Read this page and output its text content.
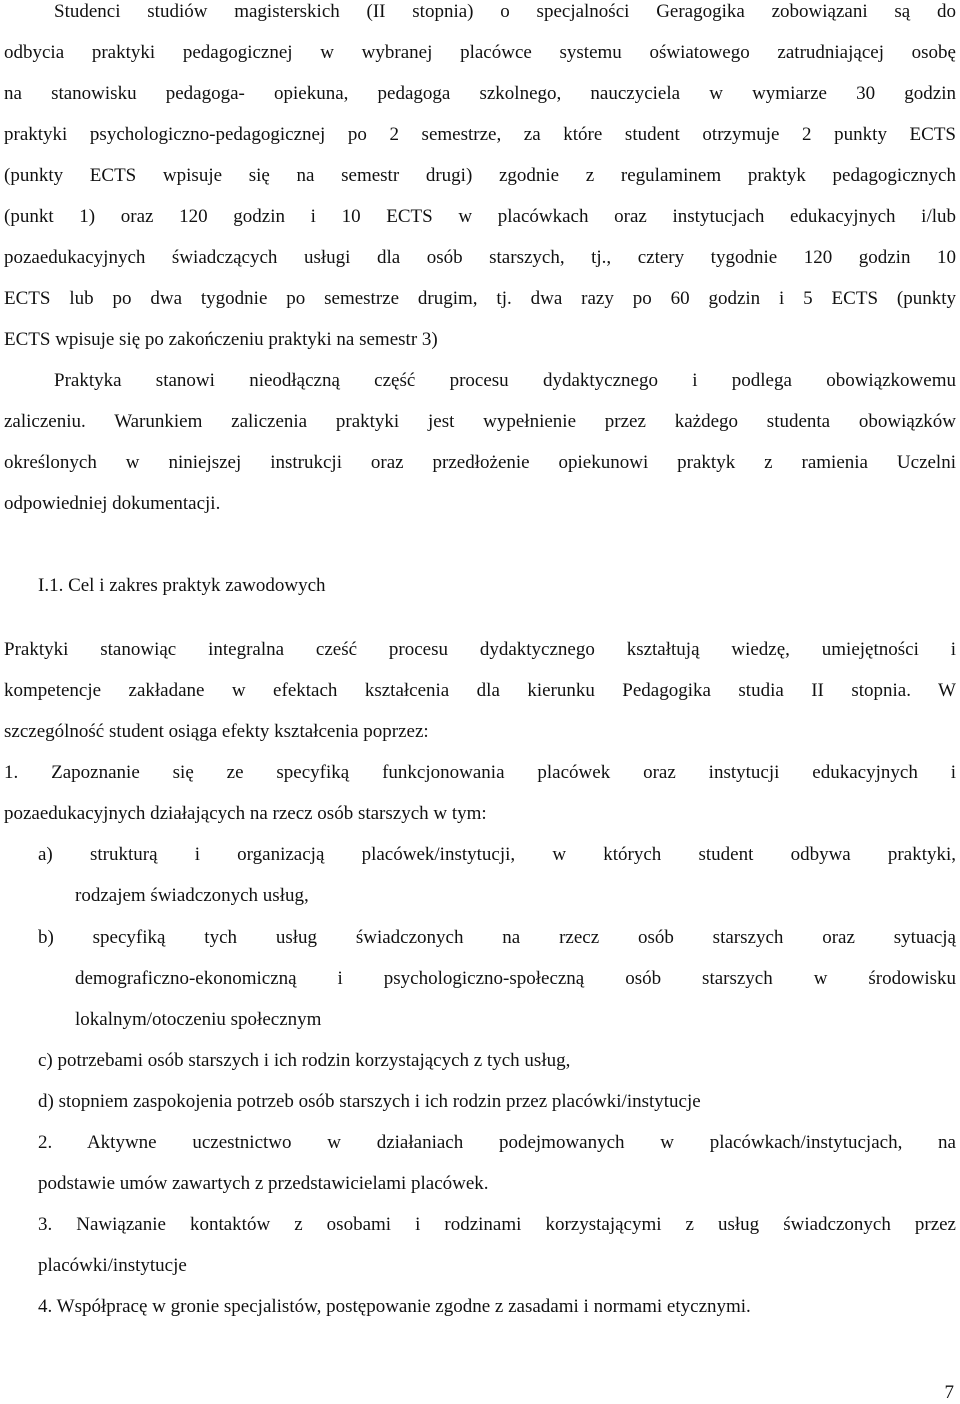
Studenci studiów magisterskich (II stopnia) o specjalności Geragogika zobowiązani są do
odbycia praktyki pedagogicznej w wybranej placówce systemu oświatowego zatrudniającej osobę
na stanowisku pedagoga- opiekuna, pedagoga szkolnego, nauczyciela w wymiarze 30 godzin
praktyki psychologiczno-pedagogicznej po 2 semestrze, za które student otrzymuje 2 punkty ECTS
(punkty ECTS wpisuje się na semestr drugi) zgodnie z regulaminem praktyk pedagogicznych
(punkt 1) oraz 120 godzin i 10 ECTS w placówkach oraz instytucjach edukacyjnych i/lub
pozaedukacyjnych świadczących usługi dla osób starszych, tj., cztery tygodnie 120 godzin 10
ECTS lub po dwa tygodnie po semestrze drugim, tj. dwa razy po 60 godzin i 5 ECTS (punkty
ECTS wpisuje się po zakończeniu praktyki na semestr 3)
Praktyka stanowi nieodłączną część procesu dydaktycznego i podlega obowiązkowemu
zaliczeniu. Warunkiem zaliczenia praktyki jest wypełnienie przez każdego studenta obowiązków
określonych w niniejszej instrukcji oraz przedłożenie opiekunowi praktyk z ramienia Uczelni
odpowiedniej dokumentacji.
I.1. Cel i zakres praktyk zawodowych
Praktyki stanowiąc integralna cześć procesu dydaktycznego kształtują wiedzę, umiejętności i
kompetencje zakładane w efektach kształcenia dla kierunku Pedagogika studia II stopnia. W
szczególność student osiąga efekty kształcenia poprzez:
1. Zapoznanie się ze specyfiką funkcjonowania placówek oraz instytucji edukacyjnych i
pozaedukacyjnych działających na rzecz osób starszych w tym:
a) strukturą i organizacją placówek/instytucji, w których student odbywa praktyki,
rodzajem świadczonych usług,
b) specyfiką tych usług świadczonych na rzecz osób starszych oraz sytuacją
demograficzno-ekonomiczną i psychologiczno-społeczną osób starszych w środowisku
lokalnym/otoczeniu społecznym
c) potrzebami osób starszych i ich rodzin korzystających z tych usług,
d) stopniem zaspokojenia potrzeb osób starszych i ich rodzin przez placówki/instytucje
2. Aktywne uczestnictwo w działaniach podejmowanych w placówkach/instytucjach, na
podstawie umów zawartych z przedstawicielami placówek.
3. Nawiązanie kontaktów z osobami i rodzinami korzystającymi z usług świadczonych przez
placówki/instytucje
4. Współpracę w gronie specjalistów, postępowanie zgodne z zasadami i normami etycznymi.
7
